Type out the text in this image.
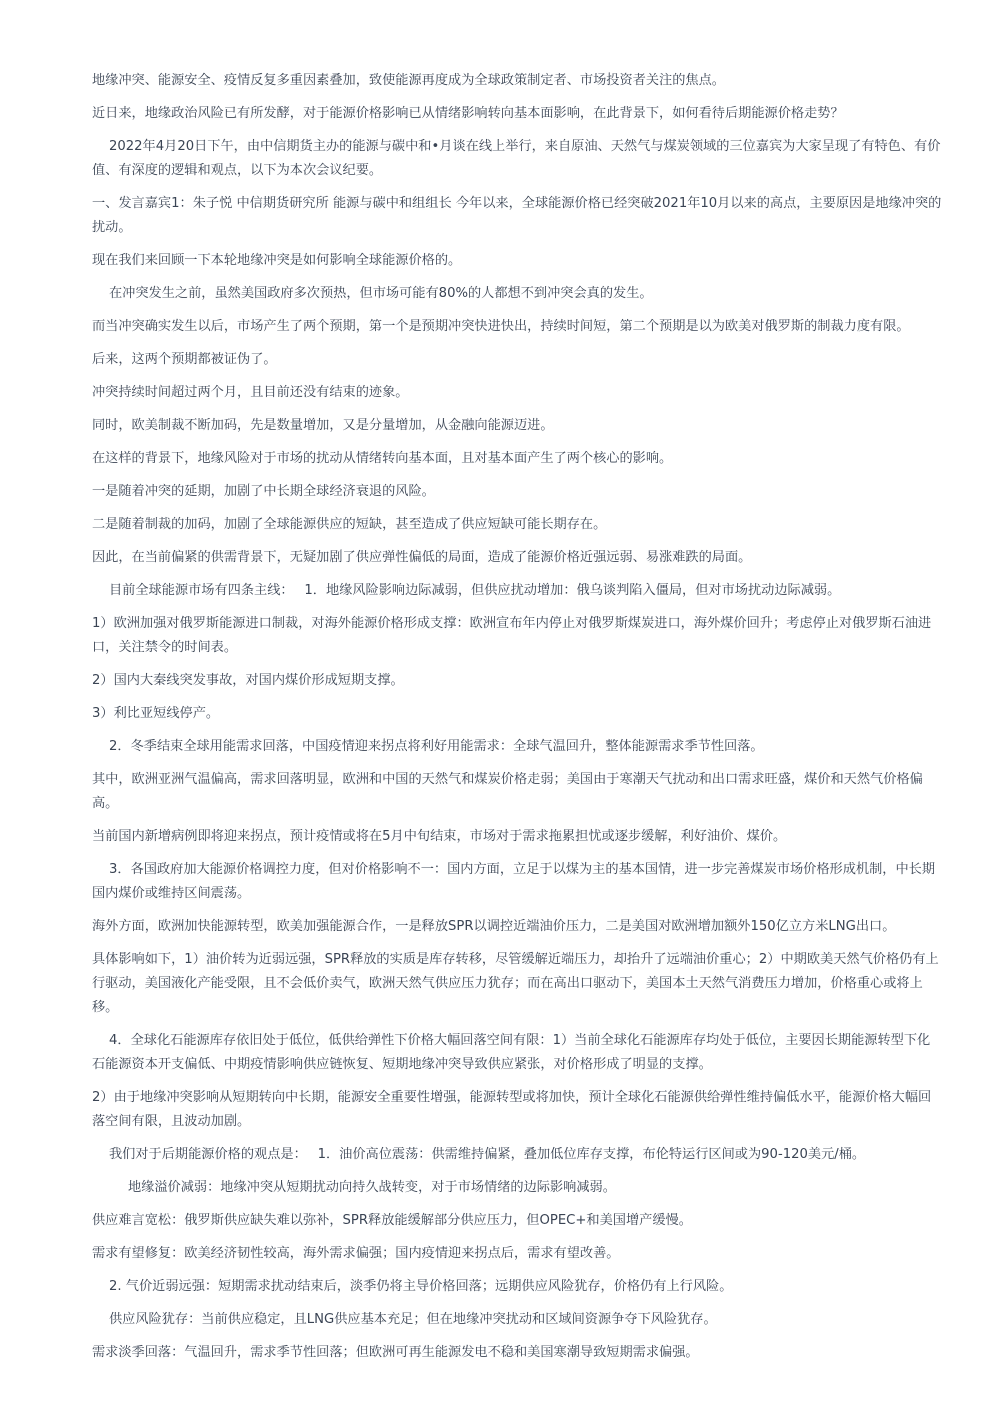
地缘冲突、能源安全、疫情反复多重因素叠加，致使能源再度成为全球政策制定者、市场投资者关注的焦点。

近日来，地缘政治风险已有所发酵，对于能源价格影响已从情绪影响转向基本面影响，在此背景下，如何看待后期能源价格走势？

2022年4月20日下午，由中信期货主办的能源与碳中和•月谈在线上举行，来自原油、天然气与煤炭领域的三位嘉宾为大家呈现了有特色、有价值、有深度的逻辑和观点，以下为本次会议纪要。

一、发言嘉宾1：朱子悦 中信期货研究所 能源与碳中和组组长 今年以来，全球能源价格已经突破2021年10月以来的高点，主要原因是地缘冲突的扰动。

现在我们来回顾一下本轮地缘冲突是如何影响全球能源价格的。

在冲突发生之前，虽然美国政府多次预热，但市场可能有80%的人都想不到冲突会真的发生。

而当冲突确实发生以后，市场产生了两个预期，第一个是预期冲突快进快出，持续时间短，第二个预期是以为欧美对俄罗斯的制裁力度有限。

后来，这两个预期都被证伪了。

冲突持续时间超过两个月，且目前还没有结束的迹象。

同时，欧美制裁不断加码，先是数量增加，又是分量增加，从金融向能源迈进。

在这样的背景下，地缘风险对于市场的扰动从情绪转向基本面，且对基本面产生了两个核心的影响。

一是随着冲突的延期，加剧了中长期全球经济衰退的风险。

二是随着制裁的加码，加剧了全球能源供应的短缺，甚至造成了供应短缺可能长期存在。

因此，在当前偏紧的供需背景下，无疑加剧了供应弹性偏低的局面，造成了能源价格近强远弱、易涨难跌的局面。

目前全球能源市场有四条主线：　 1．地缘风险影响边际减弱，但供应扰动增加：俄乌谈判陷入僵局，但对市场扰动边际减弱。

1）欧洲加强对俄罗斯能源进口制裁，对海外能源价格形成支撑：欧洲宣布年内停止对俄罗斯煤炭进口，海外煤价回升；考虑停止对俄罗斯石油进口，关注禁令的时间表。

2）国内大秦线突发事故，对国内煤价形成短期支撑。

3）利比亚短线停产。

2．冬季结束全球用能需求回落，中国疫情迎来拐点将利好用能需求：全球气温回升，整体能源需求季节性回落。

其中，欧洲亚洲气温偏高，需求回落明显，欧洲和中国的天然气和煤炭价格走弱；美国由于寒潮天气扰动和出口需求旺盛，煤价和天然气价格偏高。

当前国内新增病例即将迎来拐点，预计疫情或将在5月中旬结束，市场对于需求拖累担忧或逐步缓解，利好油价、煤价。

3．各国政府加大能源价格调控力度，但对价格影响不一：国内方面，立足于以煤为主的基本国情，进一步完善煤炭市场价格形成机制，中长期国内煤价或维持区间震荡。

海外方面，欧洲加快能源转型，欧美加强能源合作，一是释放SPR以调控近端油价压力，二是美国对欧洲增加额外150亿立方米LNG出口。

具体影响如下，1）油价转为近弱远强，SPR释放的实质是库存转移，尽管缓解近端压力，却抬升了远端油价重心；2）中期欧美天然气价格仍有上行驱动，美国液化产能受限，且不会低价卖气，欧洲天然气供应压力犹存；而在高出口驱动下，美国本土天然气消费压力增加，价格重心或将上移。

4．全球化石能源库存依旧处于低位，低供给弹性下价格大幅回落空间有限：1）当前全球化石能源库存均处于低位，主要因长期能源转型下化石能源资本开支偏低、中期疫情影响供应链恢复、短期地缘冲突导致供应紧张，对价格形成了明显的支撑。

2）由于地缘冲突影响从短期转向中长期，能源安全重要性增强，能源转型或将加快，预计全球化石能源供给弹性维持偏低水平，能源价格大幅回落空间有限，且波动加剧。

我们对于后期能源价格的观点是：　 1．油价高位震荡：供需维持偏紧，叠加低位库存支撑，布伦特运行区间或为90-120美元/桶。

地缘溢价减弱：地缘冲突从短期扰动向持久战转变，对于市场情绪的边际影响减弱。

供应难言宽松：俄罗斯供应缺失难以弥补，SPR释放能缓解部分供应压力，但OPEC+和美国增产缓慢。

需求有望修复：欧美经济韧性较高，海外需求偏强；国内疫情迎来拐点后，需求有望改善。

2. 气价近弱远强：短期需求扰动结束后，淡季仍将主导价格回落；远期供应风险犹存，价格仍有上行风险。

供应风险犹存：当前供应稳定，且LNG供应基本充足；但在地缘冲突扰动和区域间资源争夺下风险犹存。

需求淡季回落：气温回升，需求季节性回落；但欧洲可再生能源发电不稳和美国寒潮导致短期需求偏强。
